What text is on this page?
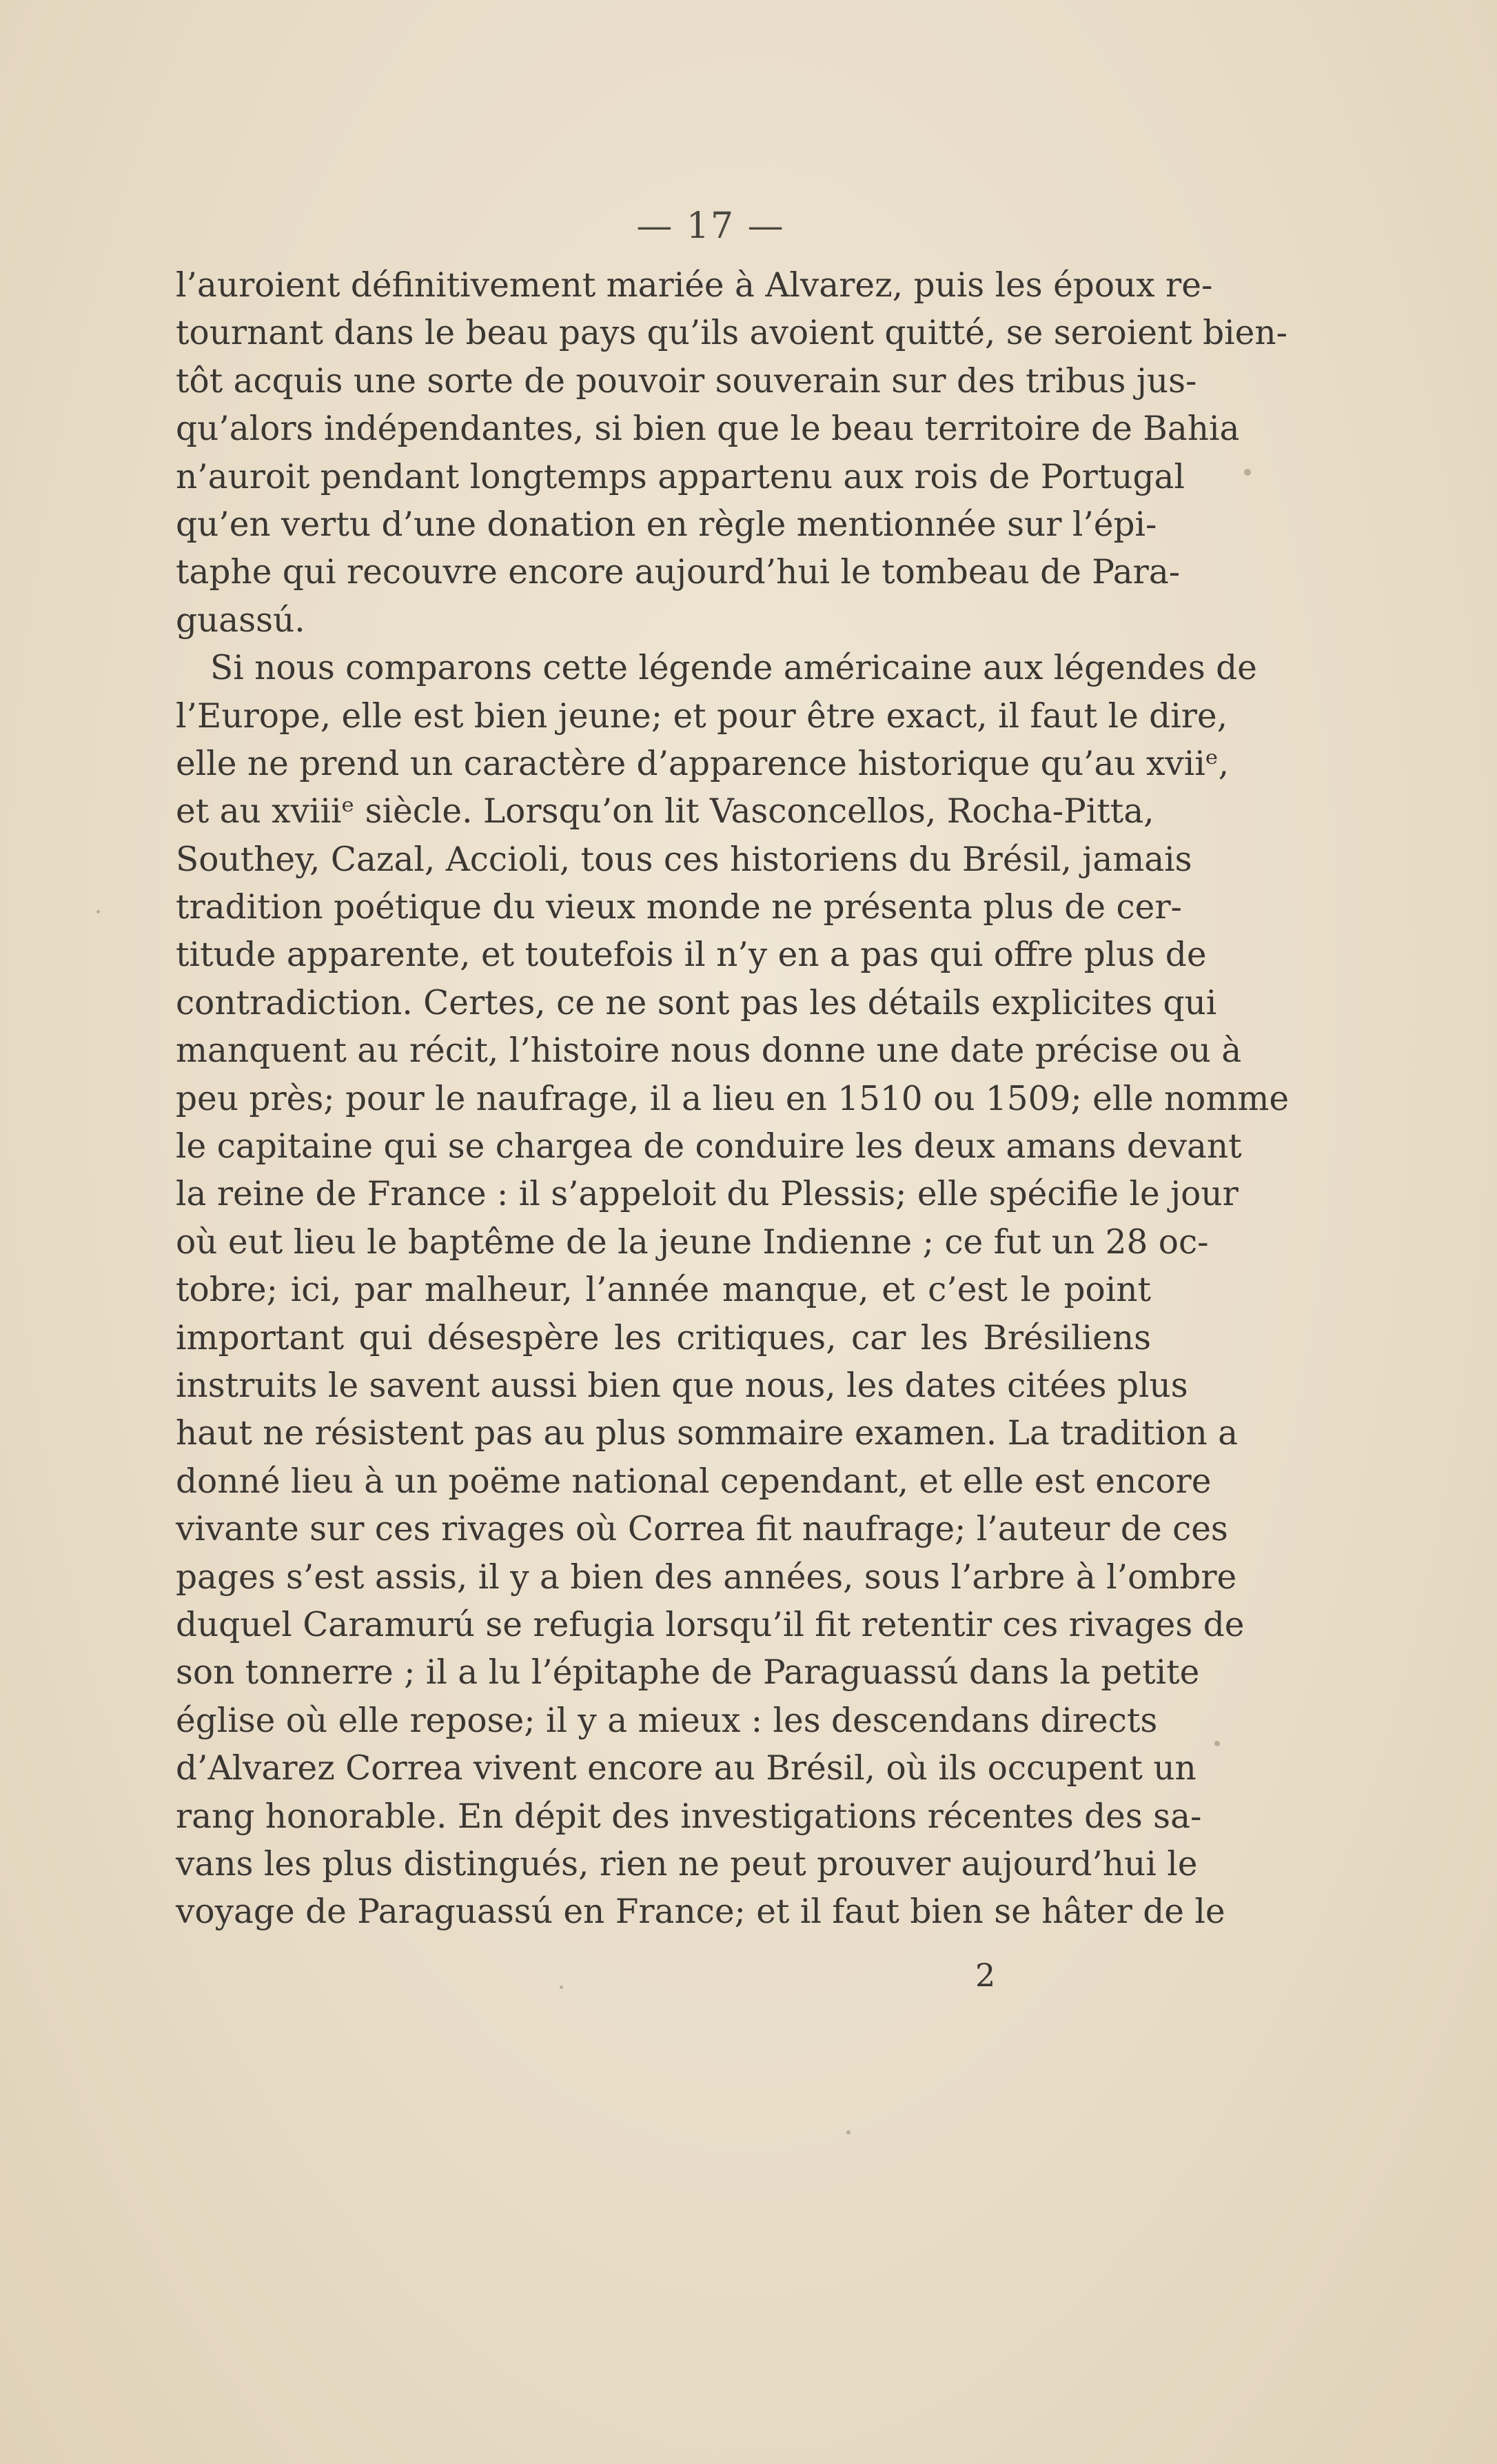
— 17 —
l’auroient définitivement mariée à Alvarez, puis les époux re-
tournant dans le beau pays qu’ils avoient quitté, se seroient bien-
tôt acquis une sorte de pouvoir souverain sur des tribus jus-
qu’alors indépendantes, si bien que le beau territoire de Bahia
n’auroit pendant longtemps appartenu aux rois de Portugal
qu’en vertu d’une donation en règle mentionnée sur l’épi-
taphe qui recouvre encore aujourd’hui le tombeau de Para-
guassú.
Si nous comparons cette légende américaine aux légendes de
l’Europe, elle est bien jeune; et pour être exact, il faut le dire,
elle ne prend un caractère d’apparence historique qu’au xviiᵉ,
et au xviiiᵉ siècle. Lorsqu’on lit Vasconcellos, Rocha-Pitta,
Southey, Cazal, Accioli, tous ces historiens du Brésil, jamais
tradition poétique du vieux monde ne présenta plus de cer-
titude apparente, et toutefois il n’y en a pas qui offre plus de
contradiction. Certes, ce ne sont pas les détails explicites qui
manquent au récit, l’histoire nous donne une date précise ou à
peu près; pour le naufrage, il a lieu en 1510 ou 1509; elle nomme
le capitaine qui se chargea de conduire les deux amans devant
la reine de France : il s’appeloit du Plessis; elle spécifie le jour
où eut lieu le baptême de la jeune Indienne ; ce fut un 28 oc-
tobre; ici, par malheur, l’année manque, et c’est le point
important qui désespère les critiques, car les Brésiliens
instruits le savent aussi bien que nous, les dates citées plus
haut ne résistent pas au plus sommaire examen. La tradition a
donné lieu à un poëme national cependant, et elle est encore
vivante sur ces rivages où Correa fit naufrage; l’auteur de ces
pages s’est assis, il y a bien des années, sous l’arbre à l’ombre
duquel Caramurú se refugia lorsqu’il fit retentir ces rivages de
son tonnerre ; il a lu l’épitaphe de Paraguassú dans la petite
église où elle repose; il y a mieux : les descendans directs
d’Alvarez Correa vivent encore au Brésil, où ils occupent un
rang honorable. En dépit des investigations récentes des sa-
vans les plus distingués, rien ne peut prouver aujourd’hui le
voyage de Paraguassú en France; et il faut bien se hâter de le
2
